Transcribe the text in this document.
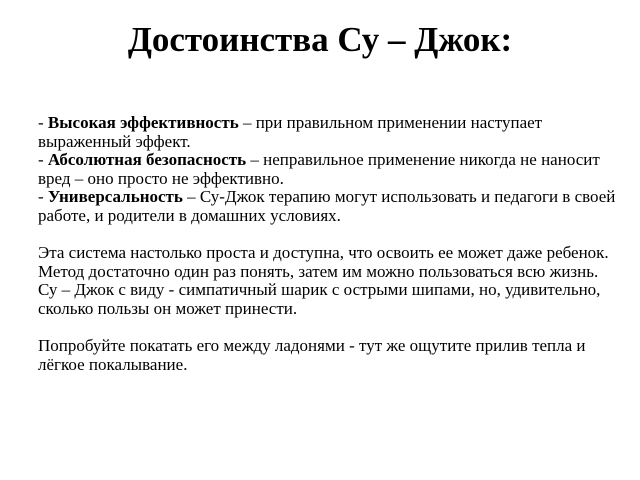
Достоинства Су – Джок:

- Высокая эффективность – при правильном применении наступает выраженный эффект.

- Абсолютная безопасность – неправильное применение никогда не наносит вред – оно просто не эффективно.

- Универсальность – Су-Джок терапию могут использовать и педагоги в своей работе, и родители в домашних условиях.

Эта система настолько проста и доступна, что освоить ее может даже ребенок. Метод достаточно один раз понять, затем им можно пользоваться всю жизнь.

Су – Джок с виду - симпатичный шарик с острыми шипами, но, удивительно, сколько пользы он может принести.

Попробуйте покатать его между ладонями - тут же ощутите прилив тепла и лёгкое покалывание.
